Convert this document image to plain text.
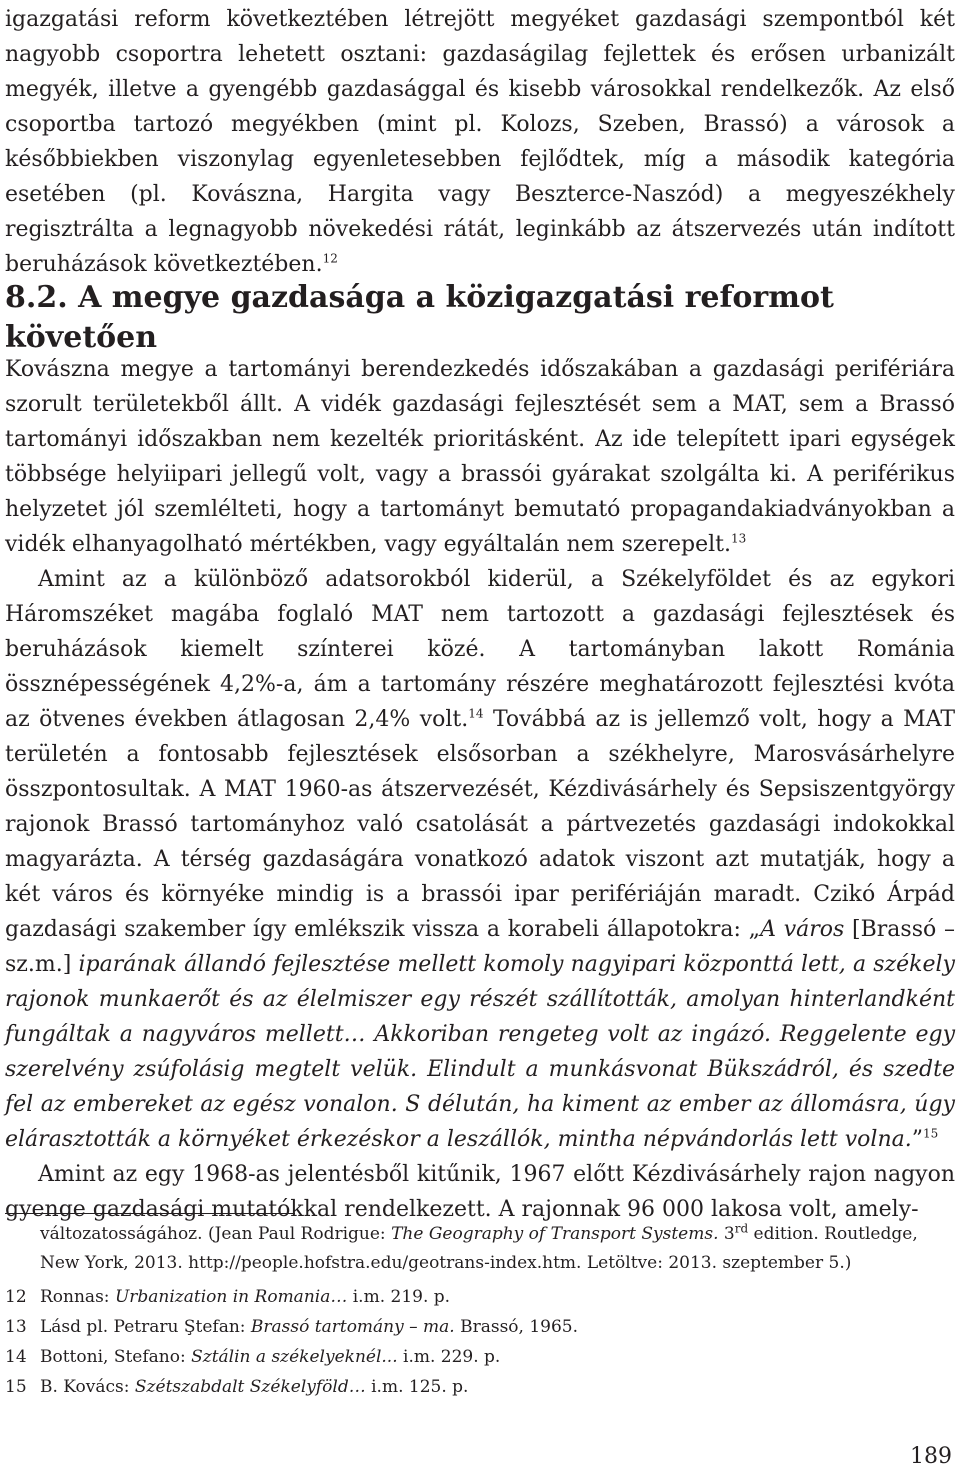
igazgatási reform következtében létrejött megyéket gazdasági szempontból két nagyobb csoportra lehetett osztani: gazdaságilag fejlettek és erősen urbanizált megyék, illetve a gyengébb gazdasággal és kisebb városokkal rendelkezők. Az első csoportba tartozó megyékben (mint pl. Kolozs, Szeben, Brassó) a városok a későbbiekben viszonylag egyenletesebben fejlődtek, míg a második kategória esetében (pl. Kovászna, Hargita vagy Beszterce-Naszód) a megyeszékhely regisztrálta a legnagyobb növekedési rátát, leginkább az átszervezés után indított beruházások következtében.$^{12}$

8.2. A megye gazdasága a közigazgatási reformot követően

Kovászna megye a tartományi berendezkedés időszakában a gazdasági perifériára szorult területekből állt. A vidék gazdasági fejlesztését sem a MAT, sem a Brassó tartományi időszakban nem kezelték prioritásként. Az ide telepített ipari egységek többsége helyiipari jellegű volt, vagy a brassói gyárakat szolgálta ki. A periférikus helyzetet jól szemlélteti, hogy a tartományt bemutató propagandakiadványokban a vidék elhanyagolható mértékben, vagy egyáltalán nem szerepelt.$^{13}$

Amint az a különböző adatsorokból kiderül, a Székelyföldet és az egykori Háromszéket magába foglaló MAT nem tartozott a gazdasági fejlesztések és beruházások kiemelt színterei közé. A tartományban lakott Románia össznépességének 4,2%-a, ám a tartomány részére meghatározott fejlesztési kvóta az ötvenes években átlagosan 2,4% volt.$^{14}$ Továbbá az is jellemző volt, hogy a MAT területén a fontosabb fejlesztések elsősorban a székhelyre, Marosvásárhelyre összpontosultak. A MAT 1960-as átszervezését, Kézdivásárhely és Sepsiszentgyörgy rajonok Brassó tartományhoz való csatolását a pártvezetés gazdasági indokokkal magyarázta. A térség gazdaságára vonatkozó adatok viszont azt mutatják, hogy a két város és környéke mindig is a brassói ipar perifériáján maradt. Czikó Árpád gazdasági szakember így emlékszik vissza a korabeli állapotokra: „A város [Brassó – sz.m.] iparának állandó fejlesztése mellett komoly nagyipari központtá lett, a székely rajonok munkaerőt és az élelmiszer egy részét szállították, amolyan hinterlandként fungáltak a nagyváros mellett… Akkoriban rengeteg volt az ingázó. Reggelente egy szerelvény zsúfolásig megtelt velük. Elindult a munkásvonat Bükszádról, és szedte fel az embereket az egész vonalon. S délután, ha kiment az ember az állomásra, úgy elárasztották a környéket érkezéskor a leszállók, mintha népvándorlás lett volna.”$^{15}$

Amint az egy 1968-as jelentésből kitűnik, 1967 előtt Kézdivásárhely rajon nagyon gyenge gazdasági mutatókkal rendelkezett. A rajonnak 96 000 lakosa volt, amely-

változatosságához. (Jean Paul Rodrigue: The Geography of Transport Systems. 3rd edition. Routledge, New York, 2013. http://people.hofstra.edu/geotrans-index.htm. Letöltve: 2013. szeptember 5.)

12 Ronnas: Urbanization in Romania… i.m. 219. p.

13 Lásd pl. Petraru Ştefan: Brassó tartomány – ma. Brassó, 1965.

14 Bottoni, Stefano: Sztálin a székelyeknél... i.m. 229. p.

15 B. Kovács: Szétszabdalt Székelyföld… i.m. 125. p.

189
